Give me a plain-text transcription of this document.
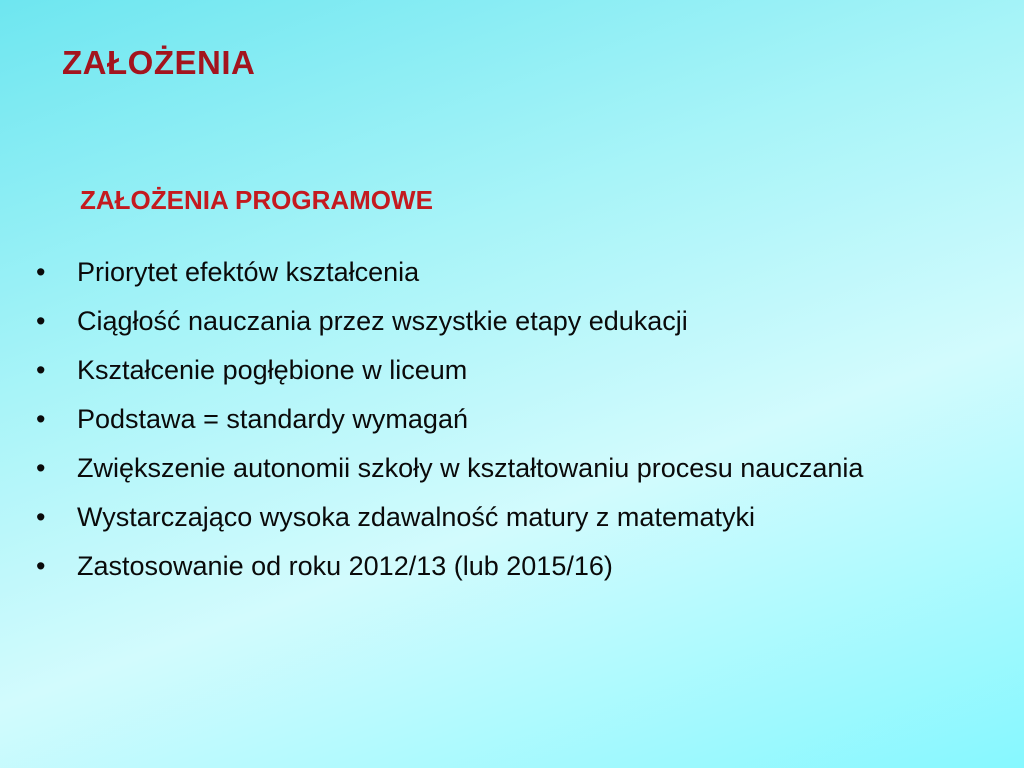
ZAŁOŻENIA
ZAŁOŻENIA PROGRAMOWE
•	Priorytet efektów kształcenia
•	Ciągłość nauczania przez wszystkie etapy edukacji
•	Kształcenie pogłębione w liceum
•	Podstawa = standardy wymagań
•	Zwiększenie autonomii szkoły w kształtowaniu procesu nauczania
•	Wystarczająco wysoka zdawalność matury z matematyki
•	Zastosowanie od roku 2012/13 (lub 2015/16)
